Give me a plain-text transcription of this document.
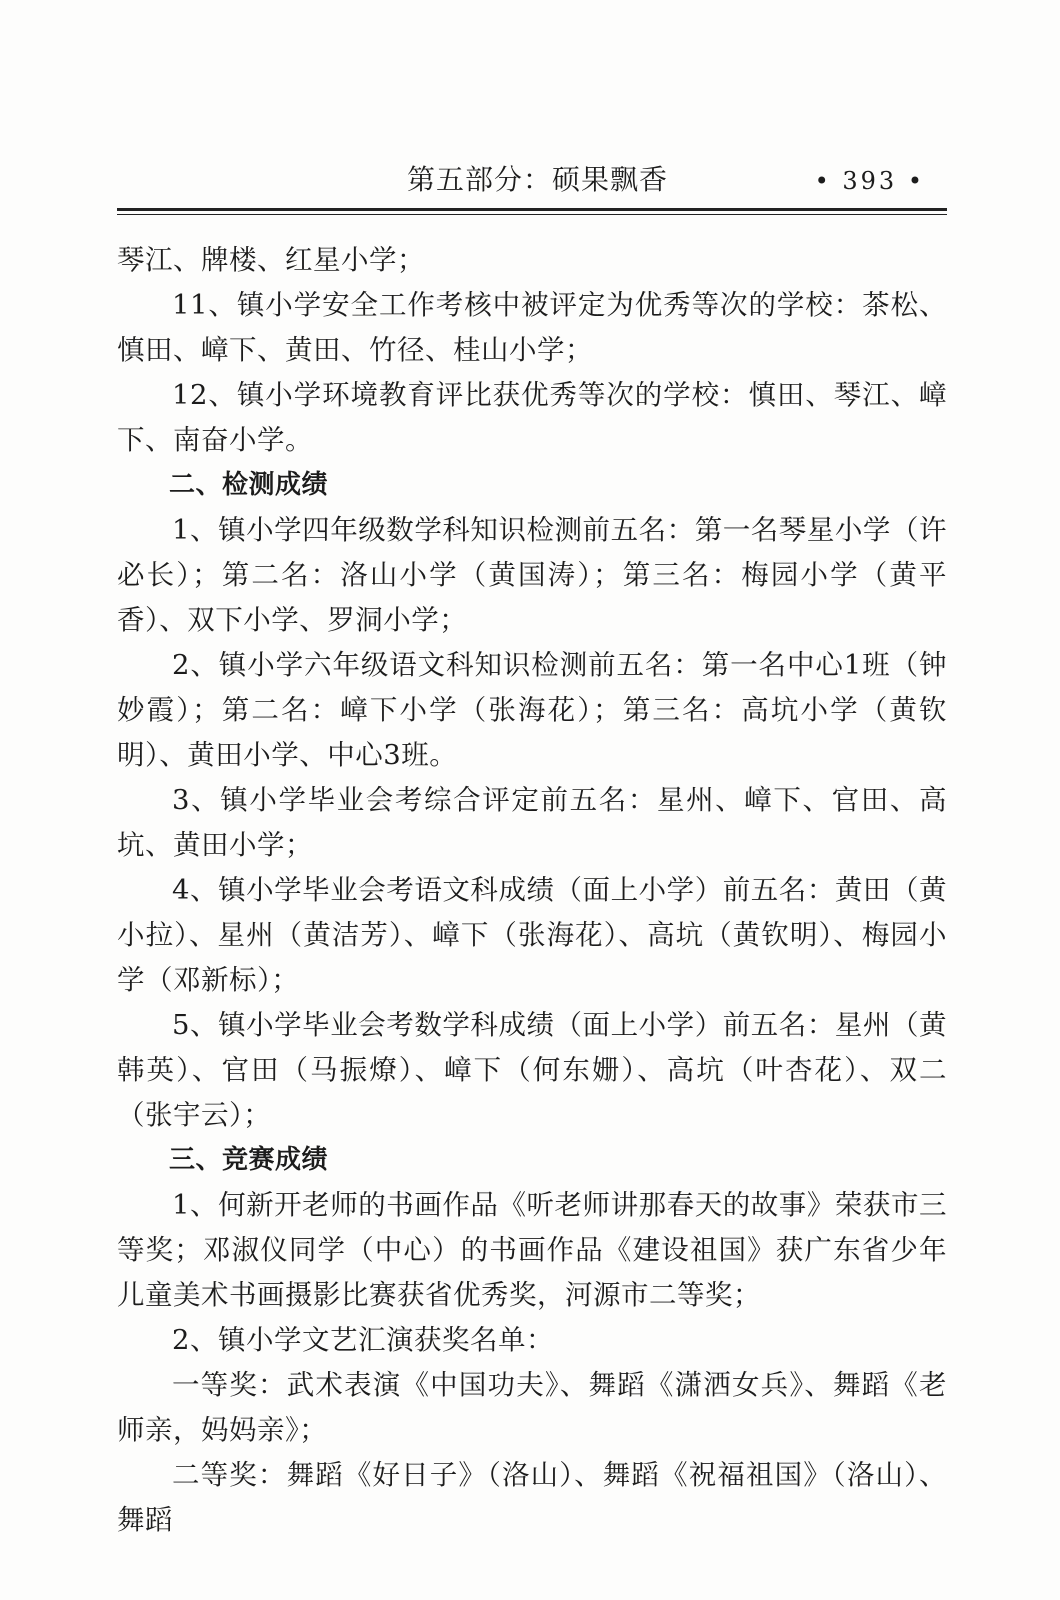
第五部分：硕果飘香	• 393 •

琴江、牌楼、红星小学；

11、镇小学安全工作考核中被评定为优秀等次的学校：茶松、慎田、嶂下、黄田、竹径、桂山小学；

12、镇小学环境教育评比获优秀等次的学校：慎田、琴江、嶂下、南奋小学。

二、检测成绩

1、镇小学四年级数学科知识检测前五名：第一名琴星小学（许必长）；第二名：洛山小学（黄国涛）；第三名：梅园小学（黄平香）、双下小学、罗洞小学；

2、镇小学六年级语文科知识检测前五名：第一名中心1班（钟妙霞）；第二名：嶂下小学（张海花）；第三名：高坑小学（黄钦明）、黄田小学、中心3班。

3、镇小学毕业会考综合评定前五名：星州、嶂下、官田、高坑、黄田小学；

4、镇小学毕业会考语文科成绩（面上小学）前五名：黄田（黄小拉）、星州（黄洁芳）、嶂下（张海花）、高坑（黄钦明）、梅园小学（邓新标）；

5、镇小学毕业会考数学科成绩（面上小学）前五名：星州（黄韩英）、官田（马振燎）、嶂下（何东姗）、高坑（叶杏花）、双二（张宇云）；

三、竞赛成绩

1、何新开老师的书画作品《听老师讲那春天的故事》荣获市三等奖；邓淑仪同学（中心）的书画作品《建设祖国》获广东省少年儿童美术书画摄影比赛获省优秀奖，河源市二等奖；

2、镇小学文艺汇演获奖名单：

一等奖：武术表演《中国功夫》、舞蹈《潇洒女兵》、舞蹈《老师亲，妈妈亲》；

二等奖：舞蹈《好日子》（洛山）、舞蹈《祝福祖国》（洛山）、舞蹈
